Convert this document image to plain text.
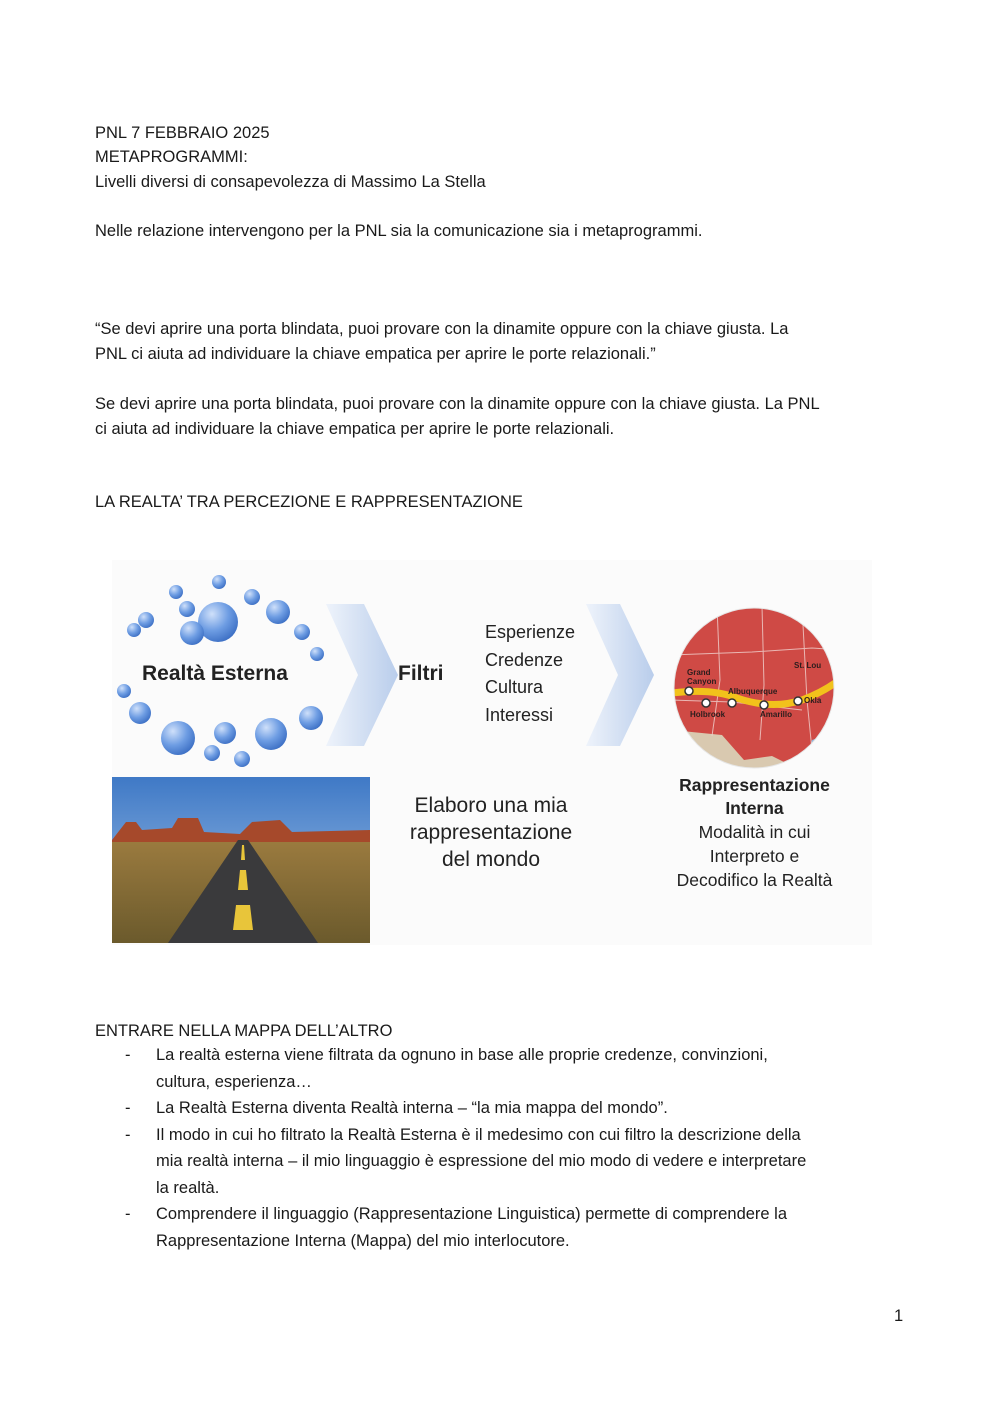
PNL 7 FEBBRAIO 2025
METAPROGRAMMI:
Livelli diversi di consapevolezza di Massimo La Stella
Nelle relazione intervengono per la PNL sia la comunicazione sia i metaprogrammi.
“Se devi aprire una porta blindata, puoi provare con la dinamite oppure con la chiave giusta. La
PNL ci aiuta ad individuare la chiave empatica per aprire le porte relazionali.”
Se devi aprire una porta blindata, puoi provare con la dinamite oppure con la chiave giusta. La PNL
ci aiuta ad individuare la chiave empatica per aprire le porte relazionali.
LA REALTA’ TRA PERCEZIONE E RAPPRESENTAZIONE
Realtà Esterna	Filtri
Esperienze
Credenze
Cultura
Interessi
Elaboro una mia
rappresentazione
del mondo
Rappresentazione
Interna
Modalità in cui
Interpreto e
Decodifico la Realtà
Grand Canyon
Albuquerque
Holbrook	Amarillo
St. Lou
Okla
ENTRARE NELLA MAPPA DELL’ALTRO
- La realtà esterna viene filtrata da ognuno in base alle proprie credenze, convinzioni,
cultura, esperienza…
- La Realtà Esterna diventa Realtà interna – “la mia mappa del mondo”.
- Il modo in cui ho filtrato la Realtà Esterna è il medesimo con cui filtro la descrizione della
mia realtà interna – il mio linguaggio è espressione del mio modo di vedere e interpretare
la realtà.
- Comprendere il linguaggio (Rappresentazione Linguistica) permette di comprendere la
Rappresentazione Interna (Mappa) del mio interlocutore.
1
